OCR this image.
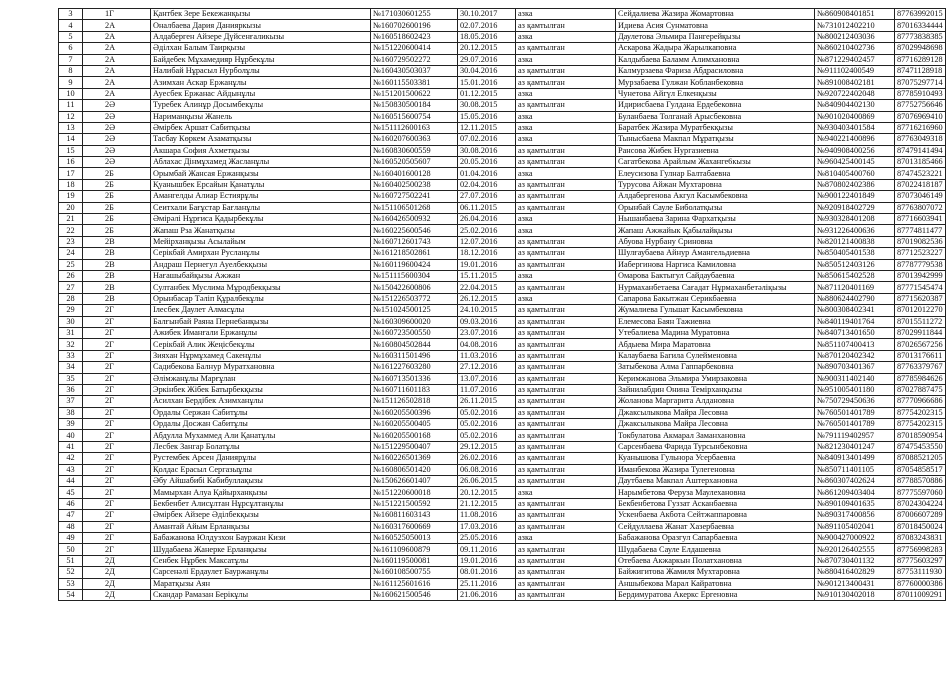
3	1Г	Қантбек Зере Бекежанқызы	№171030601255	30.10.2017	азка	Сейдалиева Жазира Жомартовна	№860908401851	87763992015
4	2А	Оналбаева Дария Данияркызы	№160702600196	02.07.2016	аз қамтылған	Идиева Асия Сунматовна	№731012402210	87016334444
5	2А	Алдаберген Айзере Дүйсенғаликызы	№160518602423	18.05.2016	азка	Даулетова Эльмира Пангерейқызы	№800212403036	87773838385
6	2А	Әділхан Балым Таирқызы	№151220600414	20.12.2015	аз қамтылған	Аскарова Жадыра Жарылкаповна	№860210402736	87029948698
7	2А	Байдебек Мұхамедияр Нұрбекұлы	№160729502272	29.07.2016	азка	Калдыбаева Баламм Алимхановна	№871229402457	87716289128
8	2А	Налибай Нұрасыл Нурболұлы	№160430503037	30.04.2016	аз қамтылған	Калмурзаева Фариза Абдрасиловна	№911102400549	87471128918
9	2А	Азимхан Аскар Ержанұлы	№160115503381	15.01.2016	аз қамтылған	Мурзабаева Гулжан Кобланбековна	№891008402181	87075297714
10	2А	Ауесбек Ержанас Айдынұлы	№151201500622	01.12.2015	азка	Чунетова Айгүл Елкенқызы	№920722402048	87785910493
11	2Ә	Туребек Алинұр Досымбекұлы	№150830500184	30.08.2015	аз қамтылған	Идирисбаева Гулдана Ердебековна	№840904402130	87752756646
12	2Ә	Нариманқызы Жанель	№160515600754	15.05.2016	азка	Буланбаева Толганай Арысбековна	№901020400869	87076969410
13	2Ә	Әмірбек Аршат Сабитқызы	№151112600163	12.11.2015	азка	Баратбек Жазира Муратбекқызы	№930403401584	87716216960
14	2Ә	Тасбау Көркем Азаматқызы	№160207600363	07.02.2016	азка	Тыныс6аева Макпал Мұратқызы	№940221400896	87763049318
15	2Ә	Акшара София Ахметқызы	№160830600559	30.08.2016	аз қамтылған	Рансова Жибек Нургазиевна	№940908400256	87479141494
16	2Ә	Аблахас Дінмұхамед Жасланұлы	№160520505607	20.05.2016	аз қамтылған	Сагатбекова Арайлым Жаханге6кызы	№960425400145	87013185466
17	2Б	Орымбай Жансая Ержанқызы	№160401600128	01.04.2016	азка	Елеусизова Гулнар Балтабаевна	№810405400760	87474523221
18	2Б	Қуанышбек Ерсайын Қанатұлы	№160402500238	02.04.2016	аз қамтылған	Турусова Айжан Мухтаровна	№870802402386	87022418187
19	2Б	Амангелды Алиар Естиярұлы	№160727502241	27.07.2016	аз қамтылған	Алдабергенова Акгул Касымбековна	№900122401849	87073046149
20	2Б	Сеитхали Бағұстар Бағланұлы	№151106501268	06.11.2015	аз қамтылған	Орынбай Сауле Биболатқызы	№920918402729	87763807072
21	2Б	Әмірәлі Нұрғиса Қадырбекұлы	№160426500932	26.04.2016	азка	Нышанбаева Зарина Фархатқызы	№930328401208	87716603941
22	2Б	Жапаш Рза Жанатқызы	№160225600546	25.02.2016	азка	Жапаш Ажжайык Қабылайқызы	№931226400636	87774811477
23	2В	Мейірханқызы Асылайым	№160712601743	12.07.2016	аз қамтылған	Абуова Нурбану Сриновна	№820121400838	87019082536
24	2В	Серікбай Амирхан Русланұлы	№161218502861	18.12.2016	аз қамтылған	Шулғаубаева Айнур Амангельдиевна	№850405401538	87712523227
25	2В	Андраш Пернегул Ауелбекқызы	№160119600424	19.01.2016	аз қамтылған	Иабергинова Наргиса Камиловна	№850512403126	87787779538
26	2В	Нағашыбайқызы Ажжан	№151115600304	15.11.2015	азка	Омарова Бактыгул Сайдаубаевна	№850615402528	87013942999
27	2В	Султанбек Муслима Мұродбекқызы	№150422600806	22.04.2015	аз қамтылған	Нурмаханбетаева Сағадат Нұрмаханбетәліқызы	№871120401169	87771545474
28	2В	Орынбасар Тәліп Құралбекұлы	№151226503772	26.12.2015	азка	Сапарова Бакытжан Серикбаевна	№880624402790	87715620387
29	2Г	Ілесбек Даулет Алмасұлы	№151024500125	24.10.2015	аз қамтылған	Жумалиева Гульшат Касымбековна	№800308402341	87012012270
30	2Г	Балғынбай Раяна Перне6анқызы	№160309600020	09.03.2016	аз қамтылған	Елемесова Баян Тажиевна	№840119401764	87015511272
31	2Г	Ажибек Иманғали Ержанұлы	№160723500550	23.07.2016	аз қамтылған	Утебалиева Мадина Муратовна	№840713401650	87029911844
32	2Г	Серікбай Алик Жеңісбекұлы	№160804502844	04.08.2016	аз қамтылған	Абдыева Мира Маратовна	№851107400413	87026567256
33	2Г	Зияхан Нұрмұхамед Сакенұлы	№160311501496	11.03.2016	аз қамтылған	Калаубаева Багила Сулейменовна	№870120402342	87013176611
34	2Г	Садибекова Балнур Муратхановна	№161227603280	27.12.2016	аз қамтылған	Затыбекова Алма Гаппарбековна	№890703401367	87763379767
35	2Г	Әлімжанұлы Марғұлан	№160713501336	13.07.2016	аз қамтылған	Керимжанова Эльмира Умирзаковна	№900311402140	87785984626
36	2Г	Эркінбек Жібек Батырбекқызы	№160711601183	11.07.2016	аз қамтылған	Зайнилабдин Онина Темірханқызы	№951005401180	87027887475
37	2Г	Асилхан Бердібек Азимханұлы	№151126502818	26.11.2015	аз қамтылған	Жоланова Маргарита Алдановна	№750729450636	87770966686
38	2Г	Ордалы Сержан Сабитұлы	№160205500396	05.02.2016	аз қамтылған	Джаксылыкова Майра Лесовна	№760501401789	87754202315
39	2Г	Ордалы Досжан Сабитұлы	№160205500405	05.02.2016	аз қамтылған	Джаксылыкова Майра Лесовна	№760501401789	87754202315
40	2Г	Абдулла Мухаммед Али Қанатұлы	№160205500168	05.02.2016	аз қамтылған	Токбулатова Акмарал Заманхановна	№791119402957	87018590954
41	2Г	Лесбек Зангар Болатұлы	№151229500407	29.12.2015	аз қамтылған	Сарсенбаева Фарида Турсынбековна	№821230401247	87475453550
42	2Г	Рустембек Арсен Даниярұлы	№160226501369	26.02.2016	аз қамтылған	Куанышова Гульнора Усербаевна	№840913401499	87088521205
43	2Г	Қолдас Ерасыл Сергазыұлы	№160806501420	06.08.2016	аз қамтылған	Иманбекова Жазира Тулегеновна	№850711401105	87054858517
44	2Г	Әбу Айшабибі Кабибуллақызы	№150626601407	26.06.2015	аз қамтылған	Даутбаева Макпал Аштерхановна	№860307402624	87788570886
45	2Г	Мамырхан Алуа Қайырханқызы	№151220600018	20.12.2015	азка	Нарымбетова Феруза Маулехановна	№861209403404	87775597060
46	2Г	Бекбенбет Алисұлтан Нұрсұлтанұлы	№151221500592	21.12.2015	аз қамтылған	Бекбенбетова Гуззат Асканбаевна	№890109401635	87024304224
47	2Г	Әмірбек Айзере Әділбекқызы	№160811603143	11.08.2016	аз қамтылған	Ускенбаева Акбота Сейтжаппаровна	№890317400856	87006607289
48	2Г	Амантай Айым Ерланқызы	№160317600669	17.03.2016	аз қамтылған	Сейдуллаева Жанат Хазербаевна	№891105402041	87018450024
49	2Г	Бабажанова Юлдузхон Бауржан Кизи	№160525050013	25.05.2016	азка	Бабажанова Оразгул Сапарбаевна	№900427000922	87083243831
50	2Г	Шудабаева Жанерке Ерланқызы	№161109600879	09.11.2016	аз қамтылған	Шудабаева Сауле Елдашевна	№920126402555	87756998283
51	2Д	Сенбек Нұрбек Максатұлы	№160119500081	19.01.2016	аз қамтылған	Отебаева Акжаркын Полатхановна	№870730401132	87775603297
52	2Д	Сарсенәлі Ердаулет Бауржанұлы	№160108500755	08.01.2016	аз қамтылған	Байжигитова Жамиля Мухтаровна	№880416402829	87753111930
53	2Д	Маратқызы Аян	№161125601616	25.11.2016	аз қамтылған	Аншыбекова Марал Кайратовна	№901213400431	87760000386
54	2Д	Скандар Рамазан Берікұлы	№160621500546	21.06.2016	аз қамтылған	Бердимуратова Акеркс Ергеновна	№910130402018	87011009291
